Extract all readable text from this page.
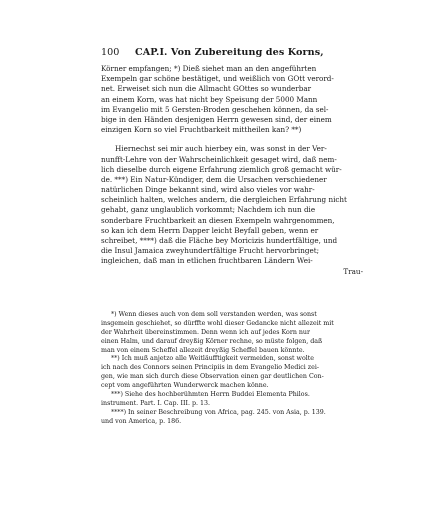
100 CAP.I. Von Zubereitung des Korns,
Körner empfangen; *) Dieß siehet man an den angeführten
Exempeln gar schöne bestätiget, und weißlich von GOtt verord-
net. Erweiset sich nun die Allmacht GOttes so wunderbar
an einem Korn, was hat nicht bey Speisung der 5000 Mann
im Evangelio mit 5 Gersten-Broden geschehen können, da sel-
bige in den Händen desjenigen Herrn gewesen sind, der einem
einzigen Korn so viel Fruchtbarkeit mittheilen kan? **)
Hiernechst sei mir auch hierbey ein, was sonst in der Ver-
nunfft-Lehre von der Wahrscheinlichkeit gesaget wird, daß nem-
lich dieselbe durch eigene Erfahrung ziemlich groß gemacht wür-
de. ***) Ein Natur-Kündiger, dem die Ursachen verschiedener
natürlichen Dinge bekannt sind, wird also vieles vor wahr-
scheinlich halten, welches andern, die dergleichen Erfahrung nicht
gehabt, ganz unglaublich vorkommt; Nachdem ich nun die
sonderbare Fruchtbarkeit an diesen Exempeln wahrgenommen,
so kan ich dem Herrn Dapper leicht Beyfall geben, wenn er
schreibet, ****) daß die Fläche bey Moricizis hundertfältige, und
die Insul Jamaica zweyhundertfältige Frucht hervorbringet;
ingleichen, daß man in etlichen fruchtbaren Ländern Wei-
Trau-
*) Wenn dieses auch von dem soll verstanden werden, was sonst
insgemein geschiehet, so dürffte wohl dieser Gedancke nicht allezeit mit
der Wahrheit übereinstimmen. Denn wenn ich auf jedes Korn nur
einen Halm, und darauf dreyßig Körner rechne, so müste folgen, daß
man von einem Scheffel allezeit dreyßig Scheffel bauen könnte.
**) Ich muß anjetzo alle Weitläufftigkeit vermeiden, sonst wolte
ich nach des Connors seinen Principiis in dem Evangelio Medici zei-
gen, wie man sich durch diese Observation einen gar deutlichen Con-
cept vom angeführten Wunderwerck machen könne.
***) Siehe des hochberühmten Herrn Buddei Elementa Philos.
instrument. Part. I. Cap. III. p. 13.
****) In seiner Beschreibung von Africa, pag. 245. von Asia, p. 139.
und von America, p. 186.
